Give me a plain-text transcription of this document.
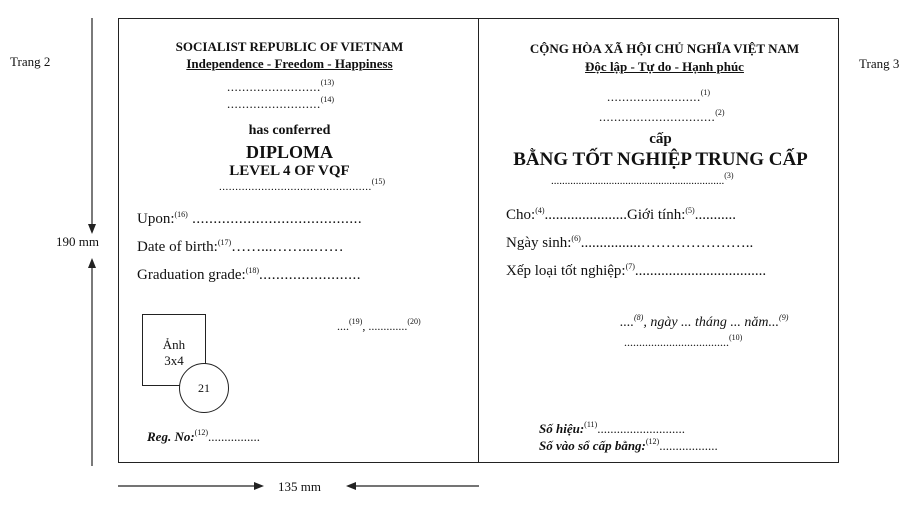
Trang 2	Trang 3
190 mm
135 mm
SOCIALIST REPUBLIC OF VIETNAM
Independence - Freedom - Happiness
.........................$^{(13)}$
.........................$^{(14)}$
has conferred
DIPLOMA
LEVEL 4 OF VQF
...............................................$^{(15)}$
Upon:$^{(16)}$ ........................................
Date of birth:$^{(17)}$……...……...……
Graduation grade:$^{(18)}$........................
Ảnh
3x4
21
....$^{(19)}$, .............$^{(20)}$
Reg. No:$^{(12)}$................
CỘNG HÒA XÃ HỘI CHỦ NGHĨA VIỆT NAM
Độc lập - Tự do - Hạnh phúc
.........................$^{(1)}$
...............................$^{(2)}$
cấp
BẰNG TỐT NGHIỆP TRUNG CẤP
...............................................................$^{(3)}$
Cho:$^{(4)}$......................Giới tính:$^{(5)}$...........
Ngày sinh:$^{(6)}$................…………………..
Xếp loại tốt nghiệp:$^{(7)}$...................................
....$^{(8)}$, ngày ... tháng ... năm...$^{(9)}$
...................................$^{(10)}$
Số hiệu:$^{(11)}$...........................
Số vào sổ cấp bằng:$^{(12)}$..................
